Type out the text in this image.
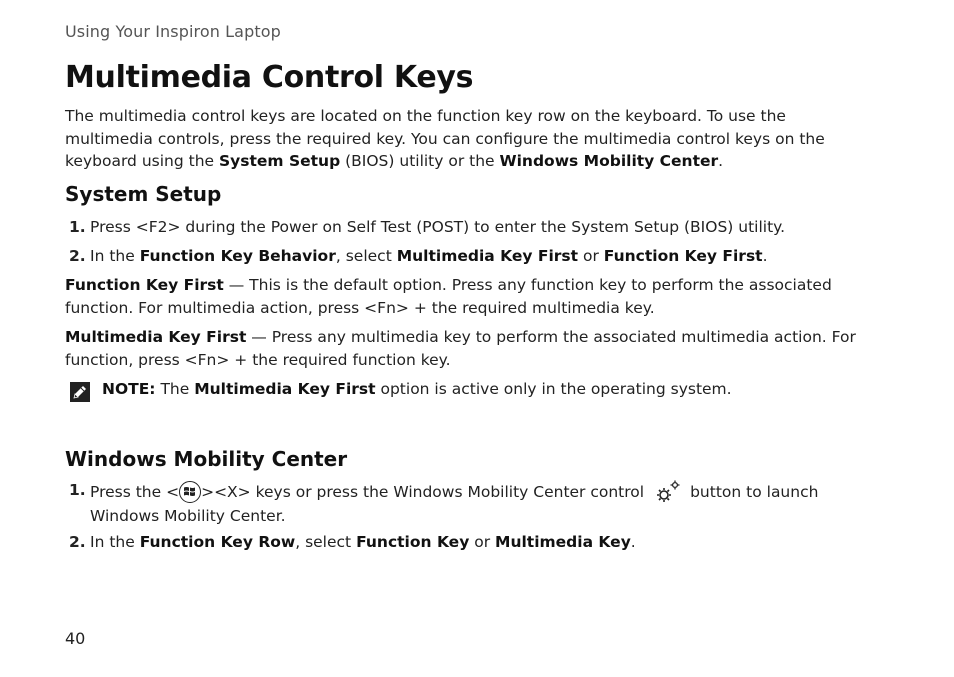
Using Your Inspiron Laptop
Multimedia Control Keys
The multimedia control keys are located on the function key row on the keyboard. To use the multimedia controls, press the required key. You can configure the multimedia control keys on the keyboard using the System Setup (BIOS) utility or the Windows Mobility Center.
System Setup
1. Press <F2> during the Power on Self Test (POST) to enter the System Setup (BIOS) utility.
2. In the Function Key Behavior, select Multimedia Key First or Function Key First.
Function Key First — This is the default option. Press any function key to perform the associated function. For multimedia action, press <Fn> + the required multimedia key.
Multimedia Key First — Press any multimedia key to perform the associated multimedia action. For function, press <Fn> + the required function key.
NOTE: The Multimedia Key First option is active only in the operating system.
Windows Mobility Center
1. Press the < ><X> keys or press the Windows Mobility Center control	button to launch Windows Mobility Center.
2. In the Function Key Row, select Function Key or Multimedia Key.
40
